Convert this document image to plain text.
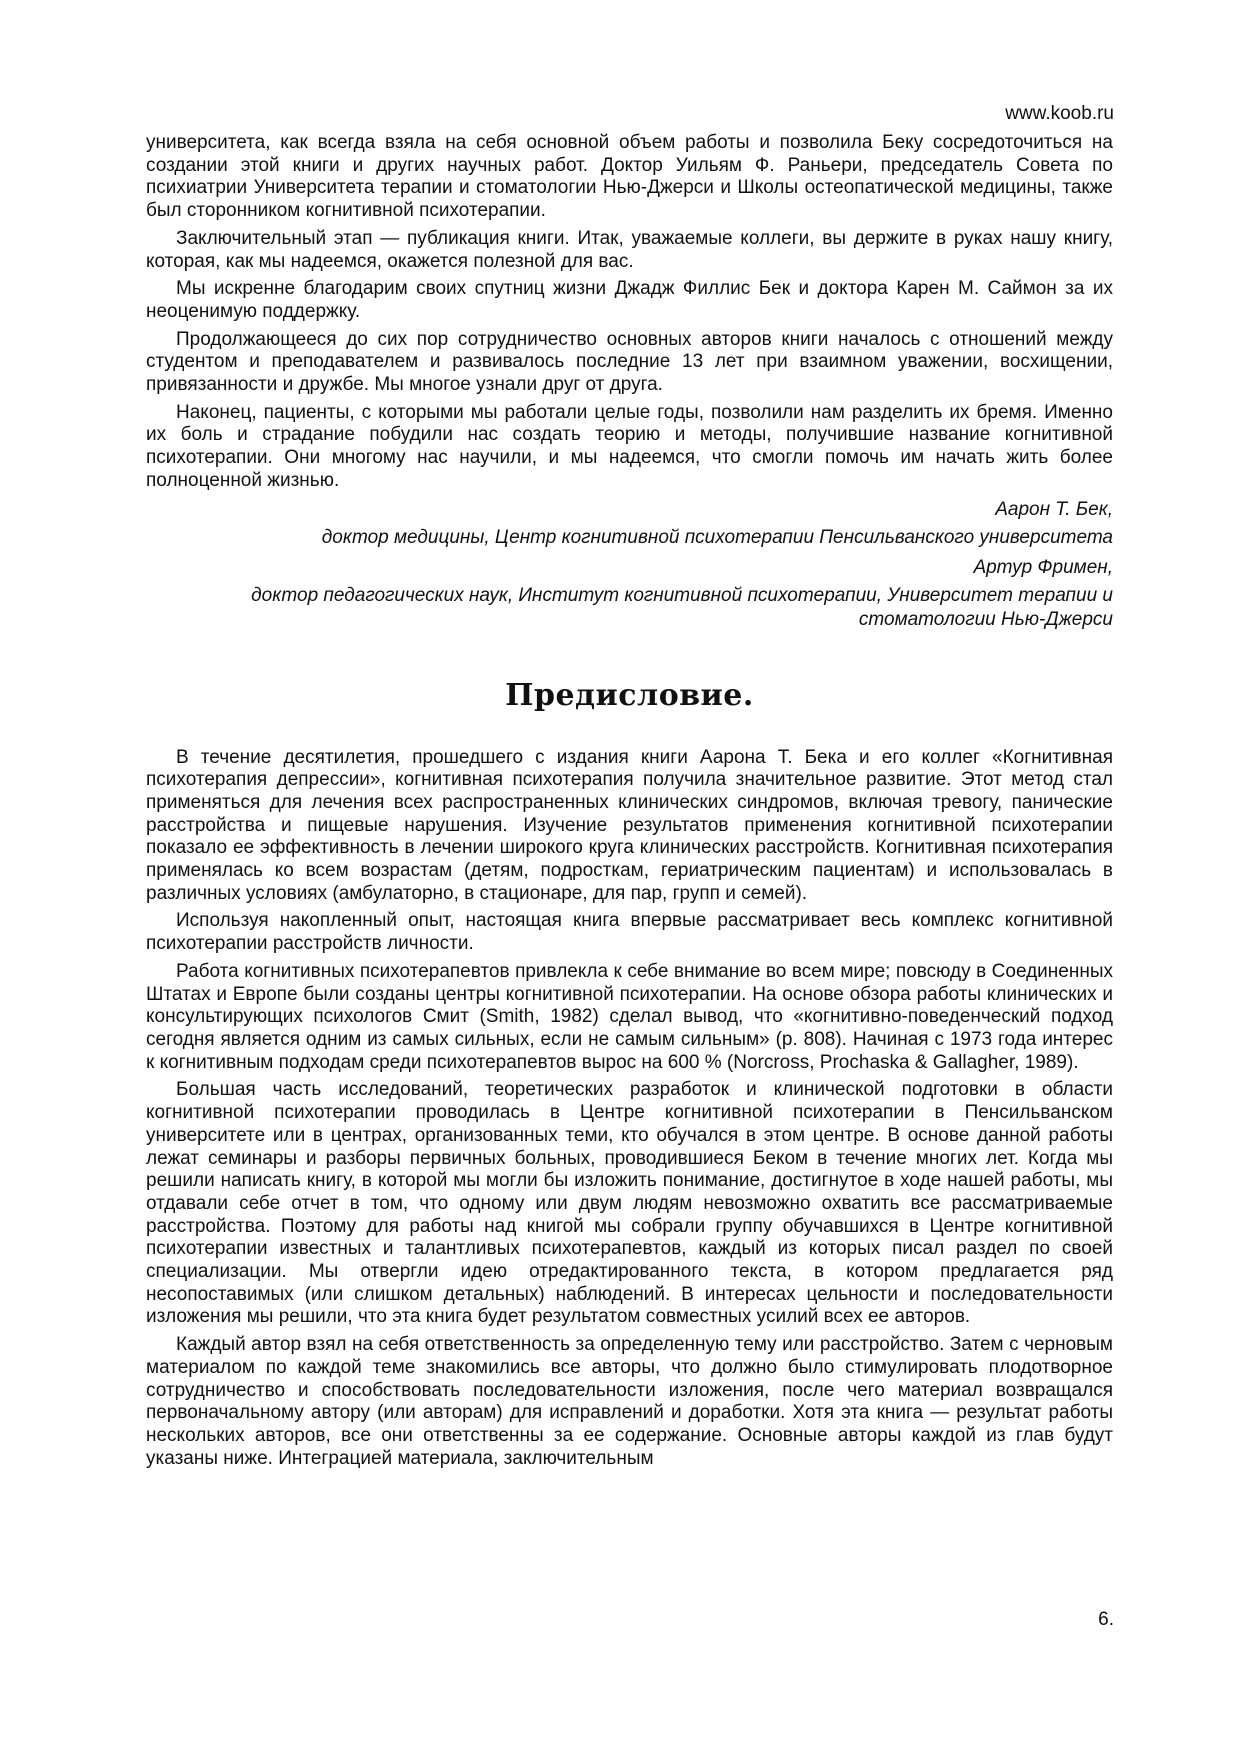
www.koob.ru

университета, как всегда взяла на себя основной объем работы и позволила Беку сосредоточиться на создании этой книги и других научных работ. Доктор Уильям Ф. Раньери, председатель Совета по психиатрии Университета терапии и стоматологии Нью-Джерси и Школы остеопатической медицины, также был сторонником когнитивной психотерапии.

Заключительный этап — публикация книги. Итак, уважаемые коллеги, вы держите в руках нашу книгу, которая, как мы надеемся, окажется полезной для вас.

Мы искренне благодарим своих спутниц жизни Джадж Филлис Бек и доктора Карен М. Саймон за их неоценимую поддержку.

Продолжающееся до сих пор сотрудничество основных авторов книги началось с отношений между студентом и преподавателем и развивалось последние 13 лет при взаимном уважении, восхищении, привязанности и дружбе. Мы многое узнали друг от друга.

Наконец, пациенты, с которыми мы работали целые годы, позволили нам разделить их бремя. Именно их боль и страдание побудили нас создать теорию и методы, получившие название когнитивной психотерапии. Они многому нас научили, и мы надеемся, что смогли помочь им начать жить более полноценной жизнью.

Аарон Т. Бек,

доктор медицины, Центр когнитивной психотерапии Пенсильванского университета

Артур Фримен,

доктор педагогических наук, Институт когнитивной психотерапии, Университет терапии и стоматологии Нью-Джерси

Предисловие.

В течение десятилетия, прошедшего с издания книги Аарона Т. Бека и его коллег «Когнитивная психотерапия депрессии», когнитивная психотерапия получила значительное развитие. Этот метод стал применяться для лечения всех распространенных клинических синдромов, включая тревогу, панические расстройства и пищевые нарушения. Изучение результатов применения когнитивной психотерапии показало ее эффективность в лечении широкого круга клинических расстройств. Когнитивная психотерапия применялась ко всем возрастам (детям, подросткам, гериатрическим пациентам) и использовалась в различных условиях (амбулаторно, в стационаре, для пар, групп и семей).

Используя накопленный опыт, настоящая книга впервые рассматривает весь комплекс когнитивной психотерапии расстройств личности.

Работа когнитивных психотерапевтов привлекла к себе внимание во всем мире; повсюду в Соединенных Штатах и Европе были созданы центры когнитивной психотерапии. На основе обзора работы клинических и консультирующих психологов Смит (Smith, 1982) сделал вывод, что «когнитивно-поведенческий подход сегодня является одним из самых сильных, если не самым сильным» (p. 808). Начиная с 1973 года интерес к когнитивным подходам среди психотерапевтов вырос на 600 % (Norcross, Prochaska & Gallagher, 1989).

Большая часть исследований, теоретических разработок и клинической подготовки в области когнитивной психотерапии проводилась в Центре когнитивной психотерапии в Пенсильванском университете или в центрах, организованных теми, кто обучался в этом центре. В основе данной работы лежат семинары и разборы первичных больных, проводившиеся Беком в течение многих лет. Когда мы решили написать книгу, в которой мы могли бы изложить понимание, достигнутое в ходе нашей работы, мы отдавали себе отчет в том, что одному или двум людям невозможно охватить все рассматриваемые расстройства. Поэтому для работы над книгой мы собрали группу обучавшихся в Центре когнитивной психотерапии известных и талантливых психотерапевтов, каждый из которых писал раздел по своей специализации. Мы отвергли идею отредактированного текста, в котором предлагается ряд несопоставимых (или слишком детальных) наблюдений. В интересах цельности и последовательности изложения мы решили, что эта книга будет результатом совместных усилий всех ее авторов.

Каждый автор взял на себя ответственность за определенную тему или расстройство. Затем с черновым материалом по каждой теме знакомились все авторы, что должно было стимулировать плодотворное сотрудничество и способствовать последовательности изложения, после чего материал возвращался первоначальному автору (или авторам) для исправлений и доработки. Хотя эта книга — результат работы нескольких авторов, все они ответственны за ее содержание. Основные авторы каждой из глав будут указаны ниже. Интеграцией материала, заключительным

6.
